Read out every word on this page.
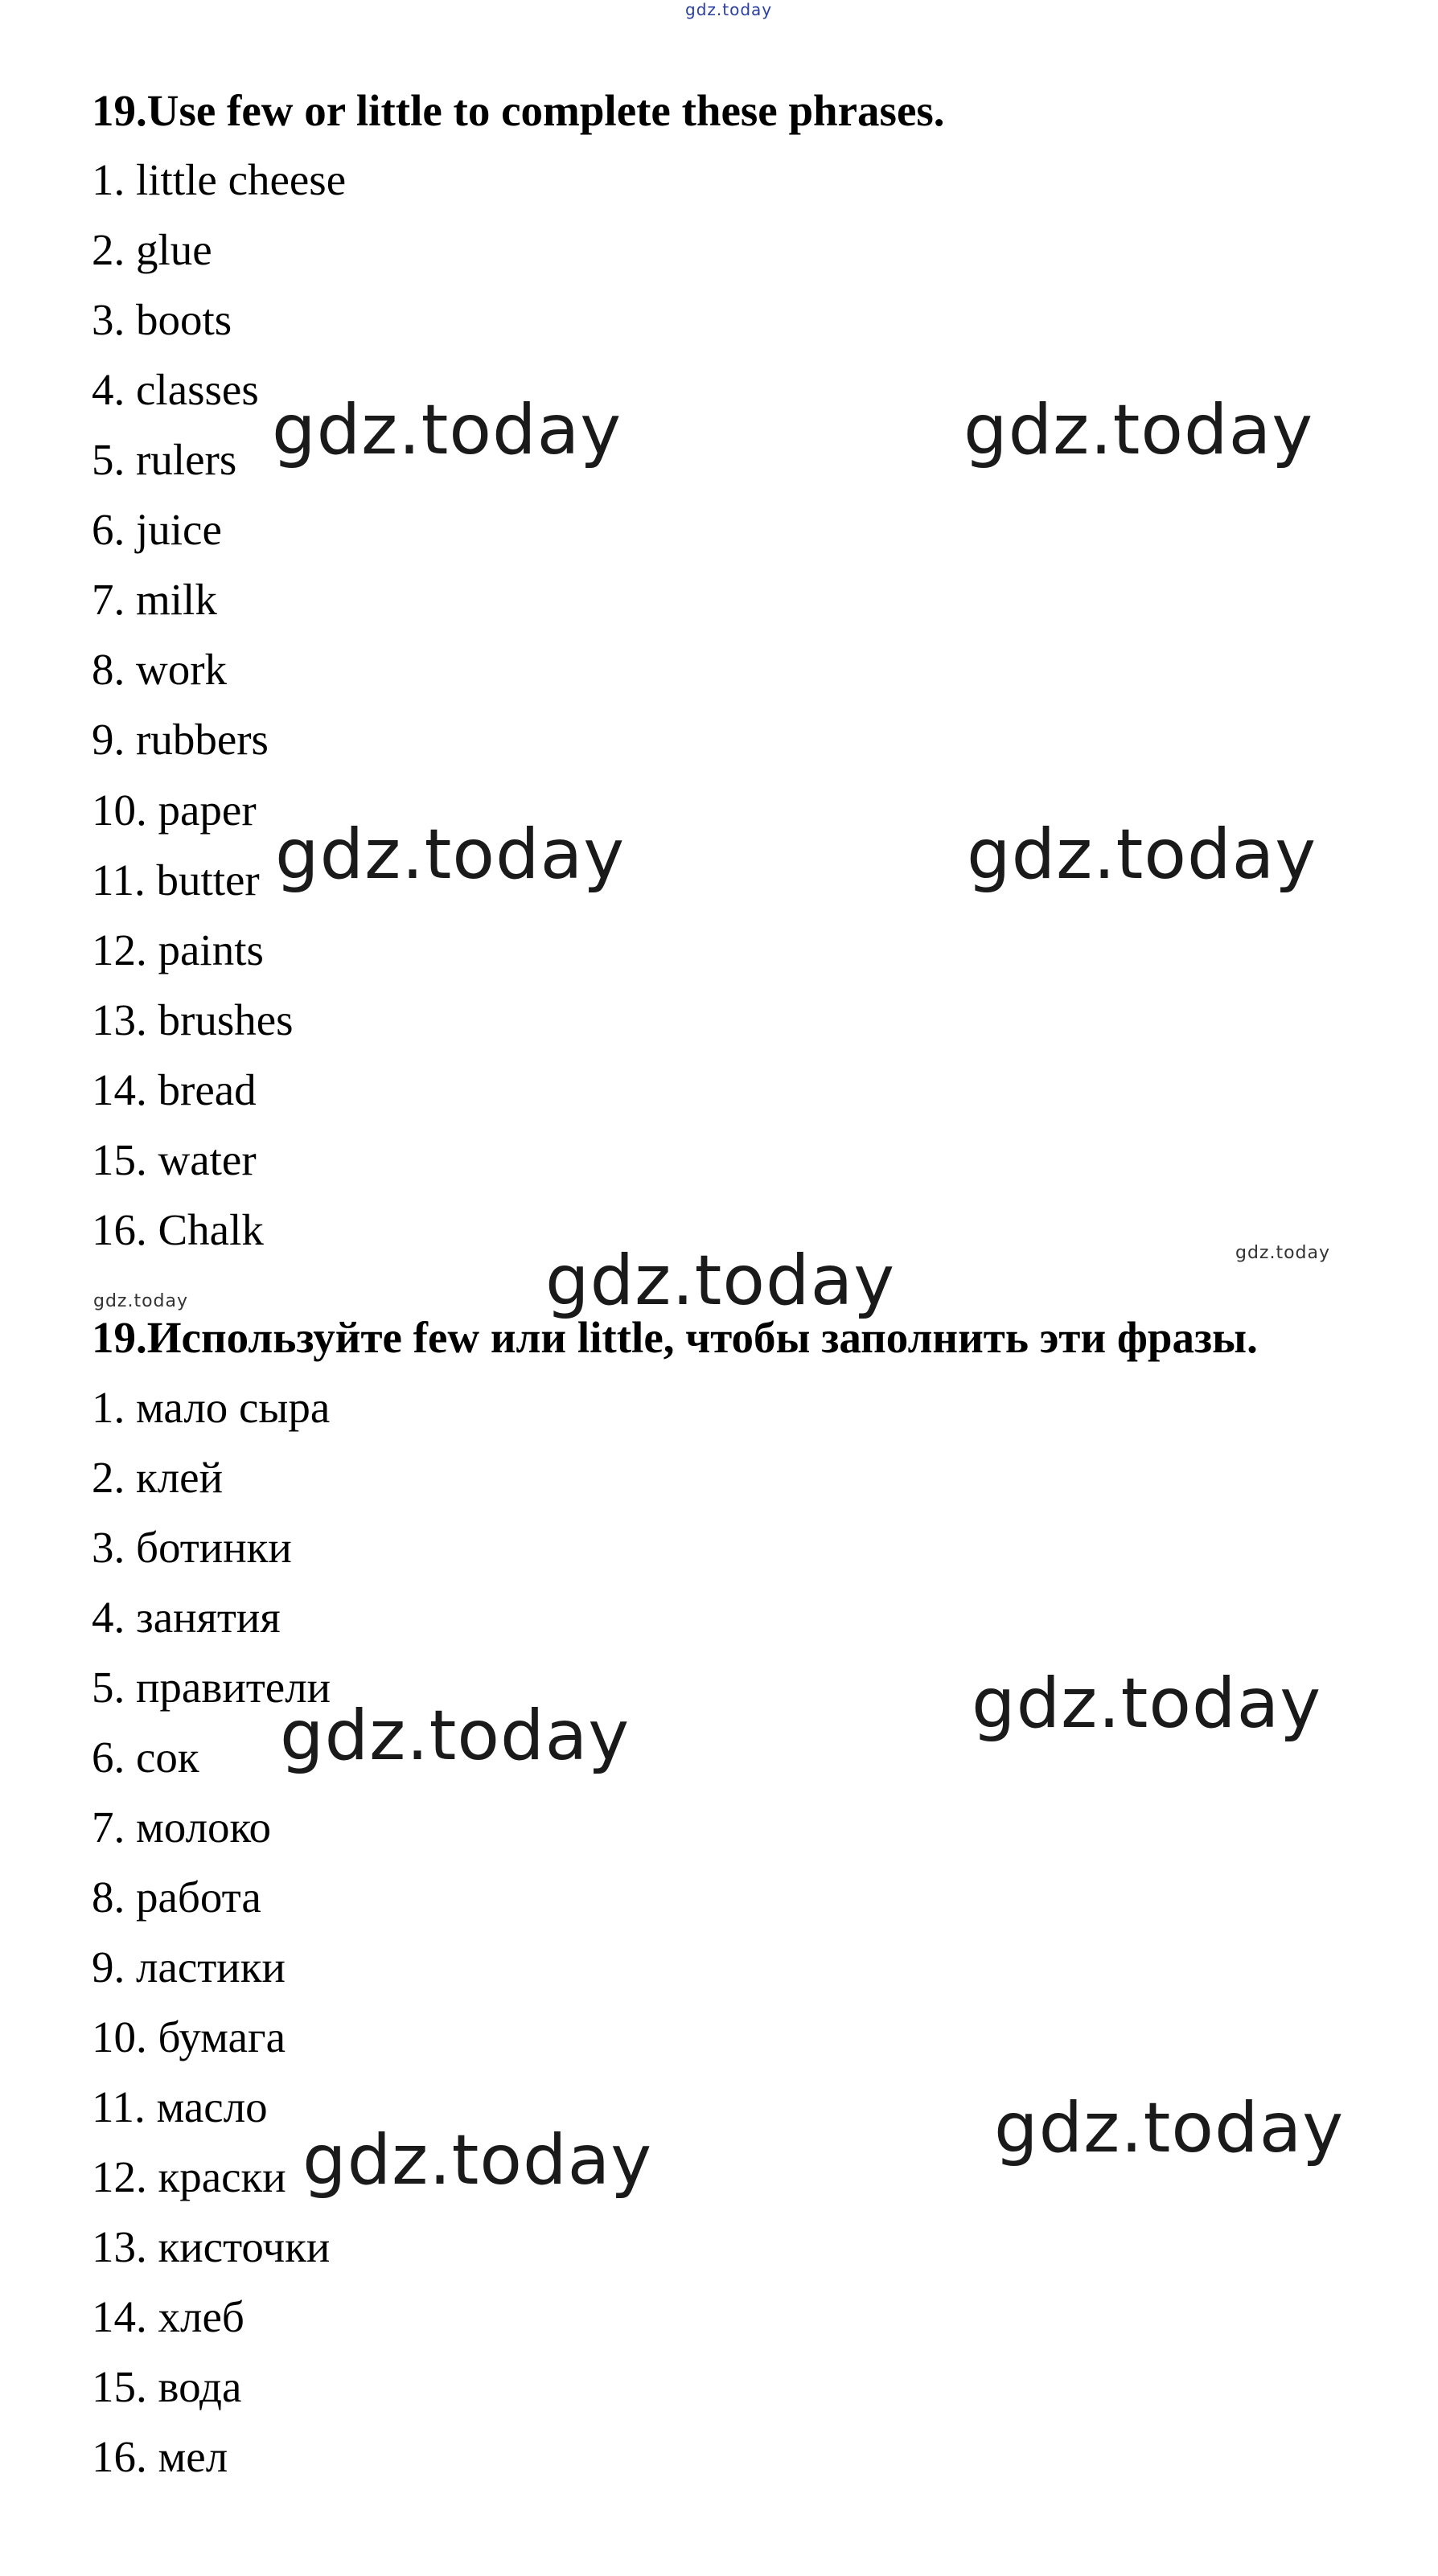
gdz.today
19.Use few or little to complete these phrases.
1. little cheese
2. glue
3. boots
4. classes
5. rulers
6. juice
7. milk
8. work
9. rubbers
10. paper
11. butter
12. paints
13. brushes
14. bread
15. water
16. Chalk
19.Используйте few или little, чтобы заполнить эти фразы.
1. мало сыра
2. клей
3. ботинки
4. занятия
5. правители
6. сок
7. молоко
8. работа
9. ластики
10. бумага
11. масло
12. краски
13. кисточки
14. хлеб
15. вода
16. мел
gdz.today	gdz.today
gdz.today	gdz.today
gdz.today
gdz.today
gdz.today
gdz.today
gdz.today
gdz.today
gdz.today
